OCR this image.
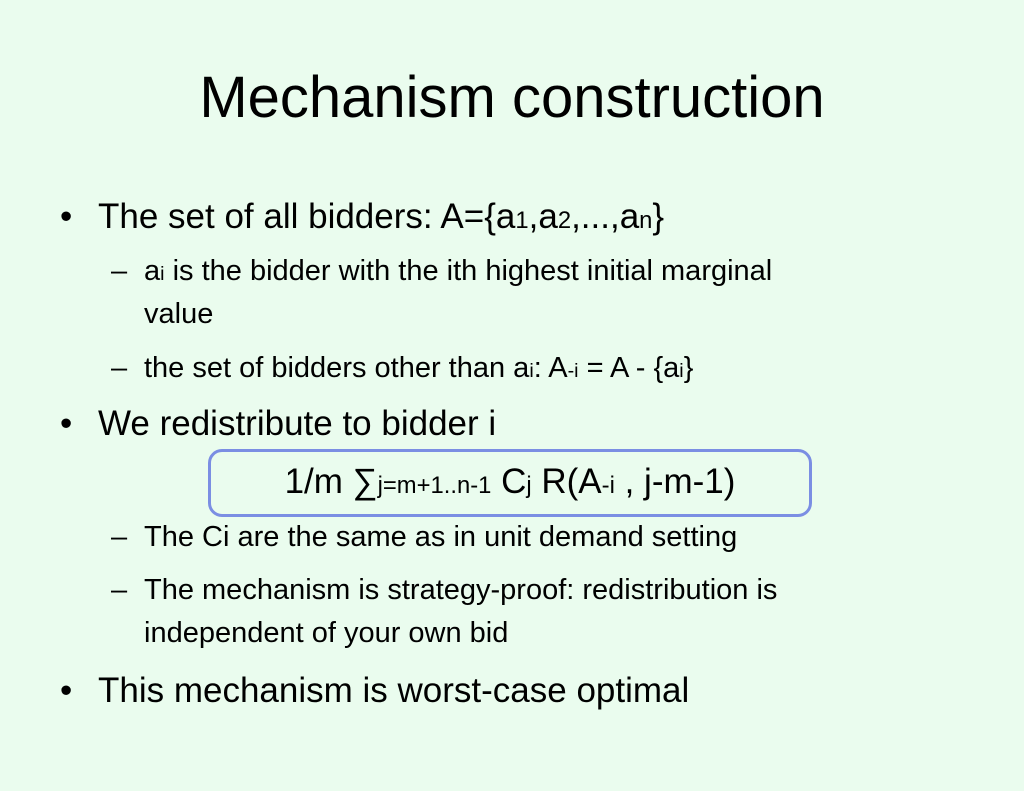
Mechanism construction
• The set of all bidders: A={a1,a2,...,an}
– ai is the bidder with the ith highest initial marginal
value
– the set of bidders other than ai: A-i = A - {ai}
• We redistribute to bidder i
1/m ∑j=m+1..n-1 Cj R(A-i , j-m-1)
– The Ci are the same as in unit demand setting
– The mechanism is strategy-proof: redistribution is
independent of your own bid
• This mechanism is worst-case optimal
